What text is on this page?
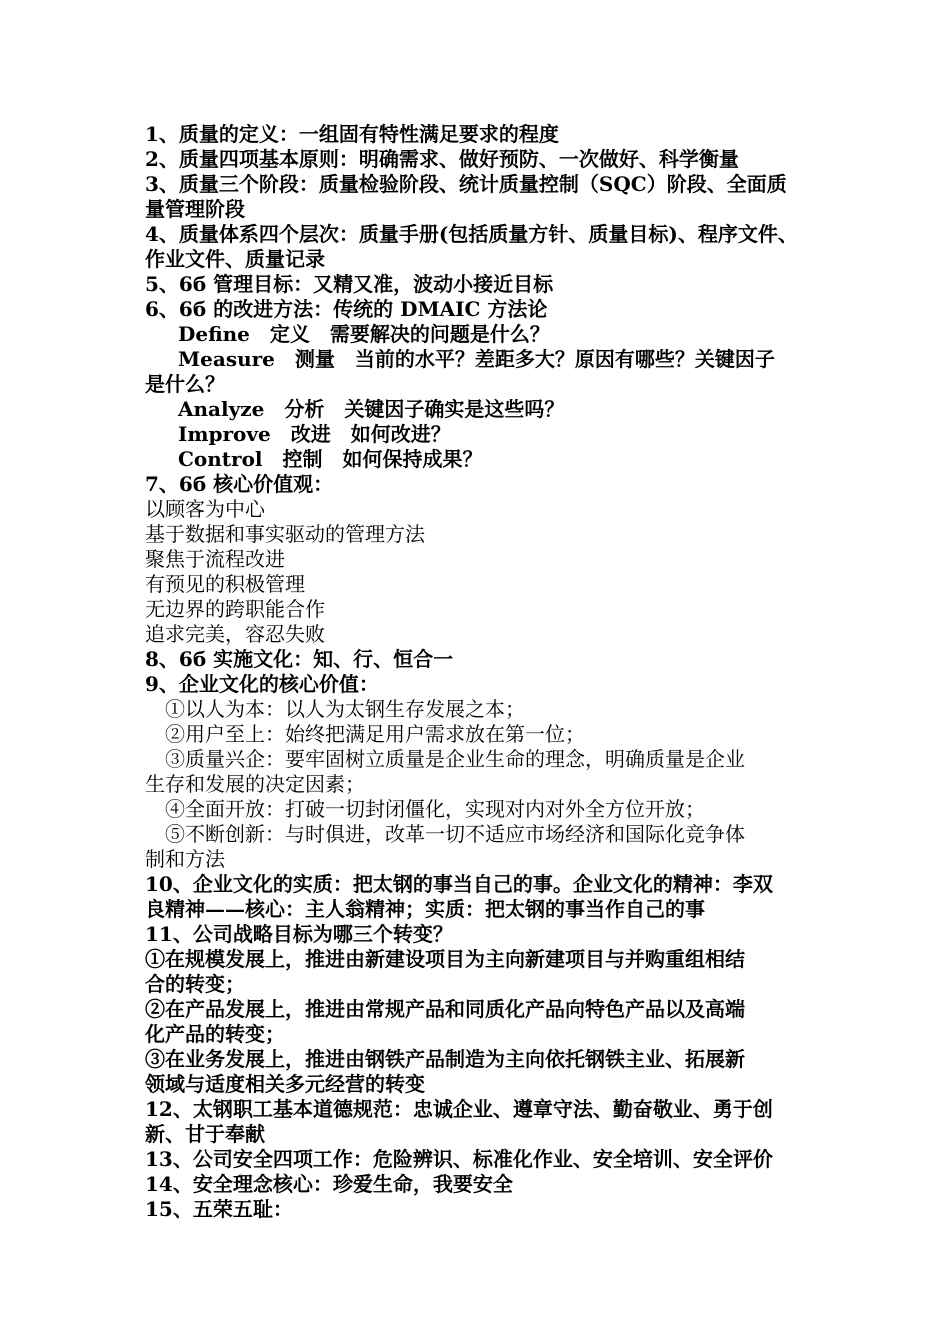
1、质量的定义：一组固有特性满足要求的程度
2、质量四项基本原则：明确需求、做好预防、一次做好、科学衡量
3、质量三个阶段：质量检验阶段、统计质量控制（SQC）阶段、全面质
量管理阶段
4、质量体系四个层次：质量手册(包括质量方针、质量目标)、程序文件、
作业文件、质量记录
5、6б 管理目标：又精又准，波动小接近目标
6、6б 的改进方法：传统的 DMAIC 方法论
Define　定义　需要解决的问题是什么？
Measure　测量　当前的水平？差距多大？原因有哪些？关键因子
是什么？
Analyze　分析　关键因子确实是这些吗？
Improve　改进　如何改进？
Control　控制　如何保持成果？
7、6б 核心价值观：
以顾客为中心
基于数据和事实驱动的管理方法
聚焦于流程改进
有预见的积极管理
无边界的跨职能合作
追求完美，容忍失败
8、6б 实施文化：知、行、恒合一
9、企业文化的核心价值：
①以人为本：以人为太钢生存发展之本；
②用户至上：始终把满足用户需求放在第一位；
③质量兴企：要牢固树立质量是企业生命的理念，明确质量是企业
生存和发展的决定因素；
④全面开放：打破一切封闭僵化，实现对内对外全方位开放；
⑤不断创新：与时俱进，改革一切不适应市场经济和国际化竞争体
制和方法
10、企业文化的实质：把太钢的事当自己的事。企业文化的精神：李双
良精神——核心：主人翁精神；实质：把太钢的事当作自己的事
11、公司战略目标为哪三个转变？
①在规模发展上，推进由新建设项目为主向新建项目与并购重组相结
合的转变；
②在产品发展上，推进由常规产品和同质化产品向特色产品以及高端
化产品的转变；
③在业务发展上，推进由钢铁产品制造为主向依托钢铁主业、拓展新
领域与适度相关多元经营的转变
12、太钢职工基本道德规范：忠诚企业、遵章守法、勤奋敬业、勇于创
新、甘于奉献
13、公司安全四项工作：危险辨识、标准化作业、安全培训、安全评价
14、安全理念核心：珍爱生命，我要安全
15、五荣五耻：
